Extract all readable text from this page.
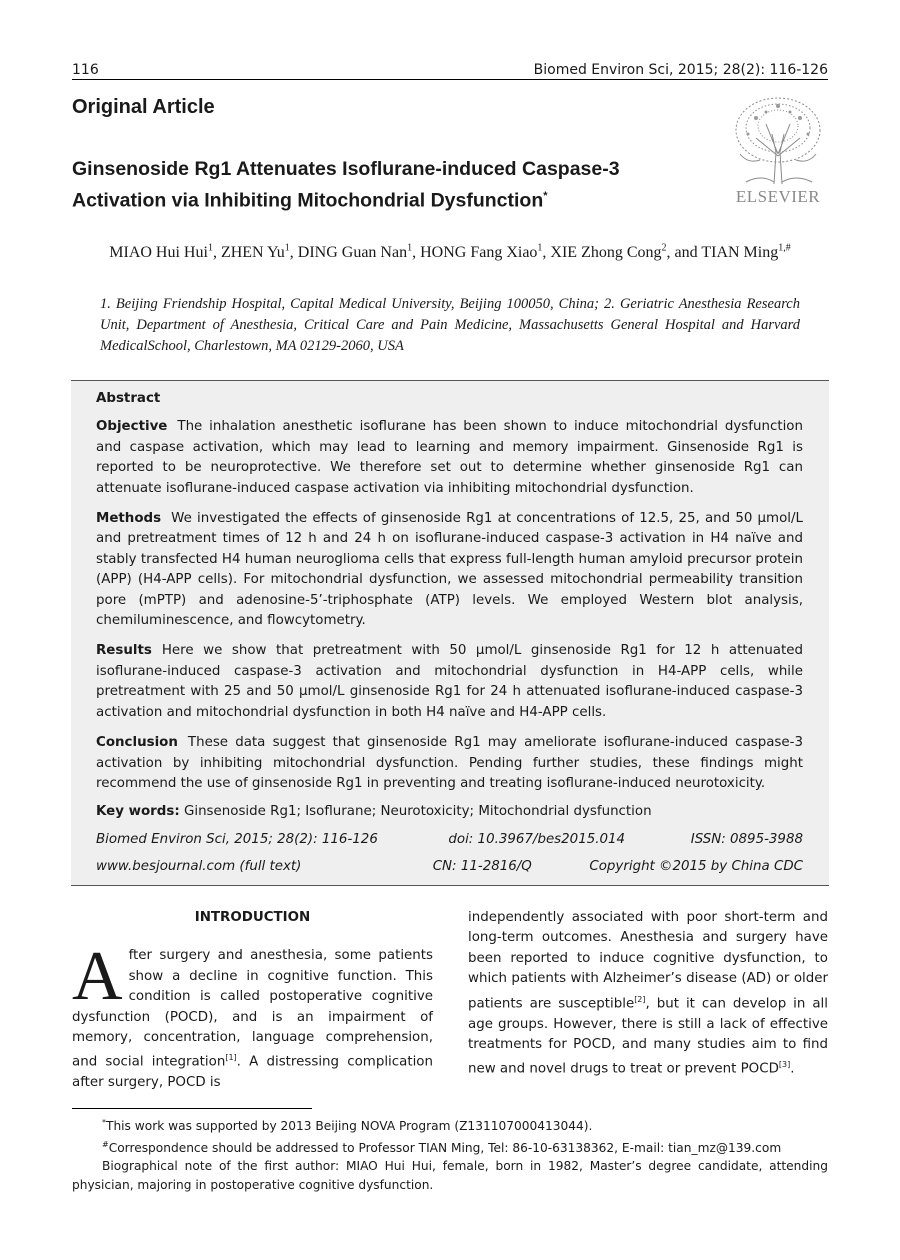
116	Biomed Environ Sci, 2015; 28(2): 116-126
Original Article
Ginsenoside Rg1 Attenuates Isoflurane-induced Caspase-3
Activation via Inhibiting Mitochondrial Dysfunction*	ELSEVIER
MIAO Hui Hui$^1$, ZHEN Yu$^1$, DING Guan Nan$^1$, HONG Fang Xiao$^1$, XIE Zhong Cong$^2$, and TIAN Ming$^{1,\#}$
1. Beijing Friendship Hospital, Capital Medical University, Beijing 100050, China; 2. Geriatric Anesthesia Research Unit, Department of Anesthesia, Critical Care and Pain Medicine, Massachusetts General Hospital and Harvard MedicalSchool, Charlestown, MA 02129-2060, USA
Abstract
Objective The inhalation anesthetic isoflurane has been shown to induce mitochondrial dysfunction and caspase activation, which may lead to learning and memory impairment. Ginsenoside Rg1 is reported to be neuroprotective. We therefore set out to determine whether ginsenoside Rg1 can attenuate isoflurane-induced caspase activation via inhibiting mitochondrial dysfunction.
Methods We investigated the effects of ginsenoside Rg1 at concentrations of 12.5, 25, and 50 μmol/L and pretreatment times of 12 h and 24 h on isoflurane-induced caspase-3 activation in H4 naïve and stably transfected H4 human neuroglioma cells that express full-length human amyloid precursor protein (APP) (H4-APP cells). For mitochondrial dysfunction, we assessed mitochondrial permeability transition pore (mPTP) and adenosine-5’-triphosphate (ATP) levels. We employed Western blot analysis, chemiluminescence, and flowcytometry.
Results Here we show that pretreatment with 50 μmol/L ginsenoside Rg1 for 12 h attenuated isoflurane-induced caspase-3 activation and mitochondrial dysfunction in H4-APP cells, while pretreatment with 25 and 50 μmol/L ginsenoside Rg1 for 24 h attenuated isoflurane-induced caspase-3 activation and mitochondrial dysfunction in both H4 naïve and H4-APP cells.
Conclusion These data suggest that ginsenoside Rg1 may ameliorate isoflurane-induced caspase-3 activation by inhibiting mitochondrial dysfunction. Pending further studies, these findings might recommend the use of ginsenoside Rg1 in preventing and treating isoflurane-induced neurotoxicity.
Key words: Ginsenoside Rg1; Isoflurane; Neurotoxicity; Mitochondrial dysfunction
Biomed Environ Sci, 2015; 28(2): 116-126	doi: 10.3967/bes2015.014	ISSN: 0895-3988
www.besjournal.com (full text)	CN: 11-2816/Q	Copyright ©2015 by China CDC
INTRODUCTION
After surgery and anesthesia, some patients show a decline in cognitive function. This condition is called postoperative cognitive dysfunction (POCD), and is an impairment of memory, concentration, language comprehension, and social integration[1]. A distressing complication after surgery, POCD is
independently associated with poor short-term and long-term outcomes. Anesthesia and surgery have been reported to induce cognitive dysfunction, to which patients with Alzheimer’s disease (AD) or older patients are susceptible[2], but it can develop in all age groups. However, there is still a lack of effective treatments for POCD, and many studies aim to find new and novel drugs to treat or prevent POCD[3].
*This work was supported by 2013 Beijing NOVA Program (Z131107000413044).
#Correspondence should be addressed to Professor TIAN Ming, Tel: 86-10-63138362, E-mail: tian_mz@139.com
Biographical note of the first author: MIAO Hui Hui, female, born in 1982, Master’s degree candidate, attending physician, majoring in postoperative cognitive dysfunction.
